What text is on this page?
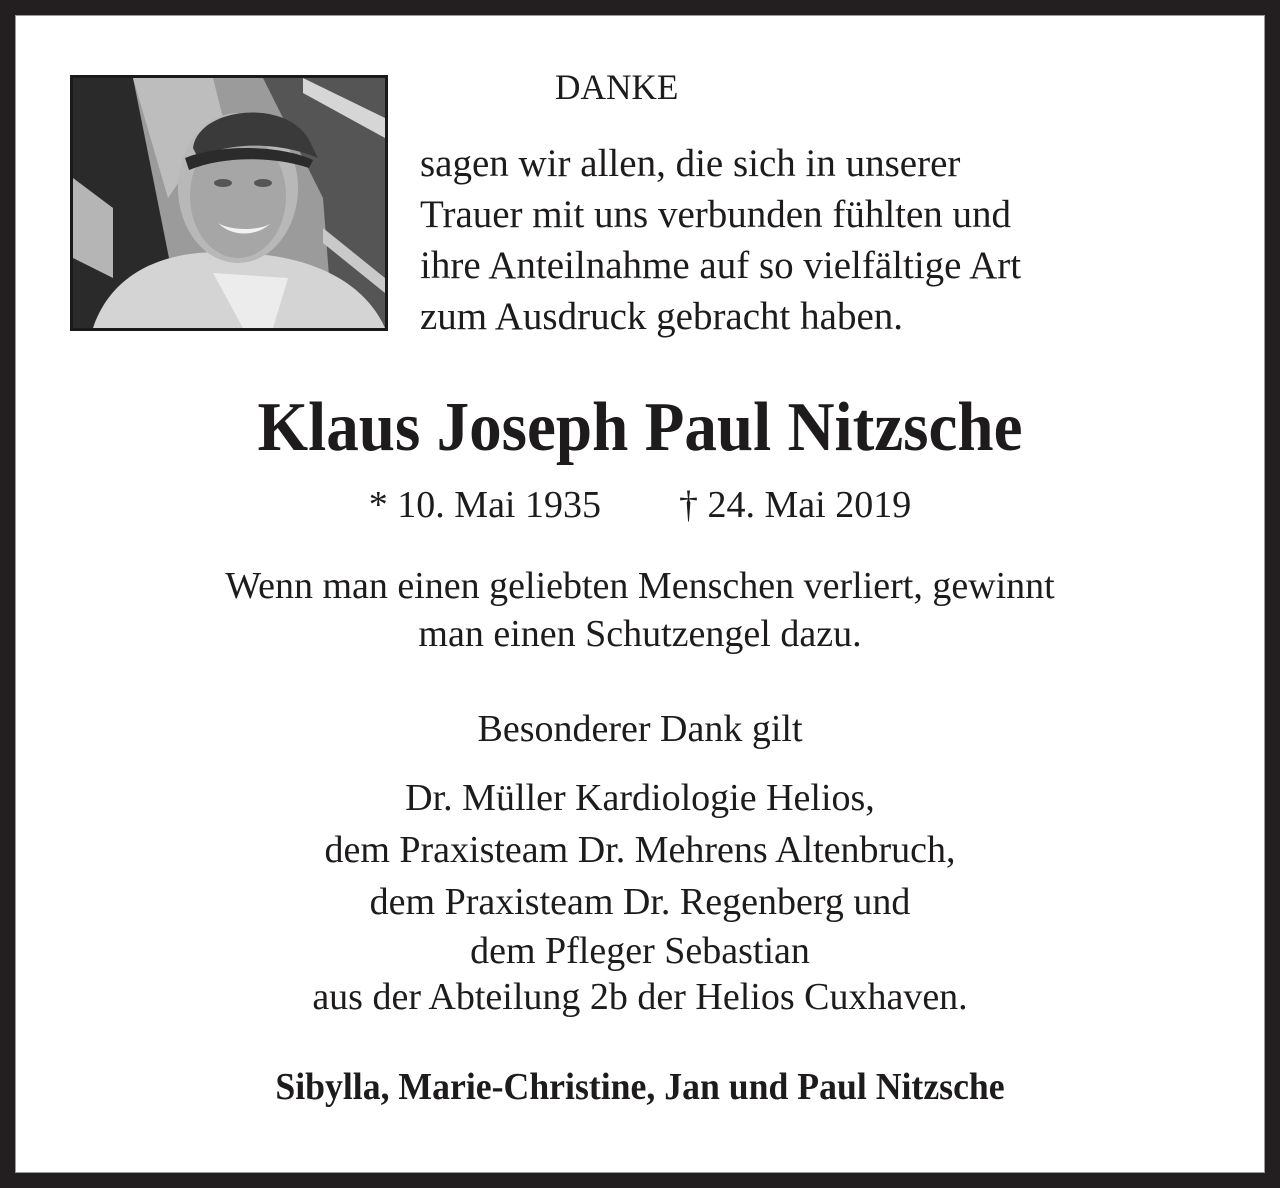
DANKE
sagen wir allen, die sich in unserer
Trauer mit uns verbunden fühlten und
ihre Anteilnahme auf so vielfältige Art
zum Ausdruck gebracht haben.
Klaus Joseph Paul Nitzsche
* 10. Mai 1935 † 24. Mai 2019
Wenn man einen geliebten Menschen verliert, gewinnt
man einen Schutzengel dazu.
Besonderer Dank gilt
Dr. Müller Kardiologie Helios,
dem Praxisteam Dr. Mehrens Altenbruch,
dem Praxisteam Dr. Regenberg und
dem Pfleger Sebastian
aus der Abteilung 2b der Helios Cuxhaven.
Sibylla, Marie-Christine, Jan und Paul Nitzsche
